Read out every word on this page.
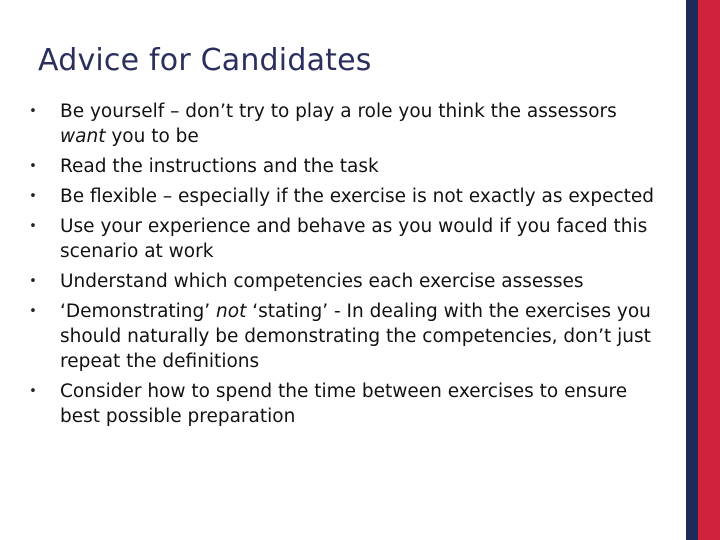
Advice for Candidates
• Be yourself – don’t try to play a role you think the assessors want you to be
• Read the instructions and the task
• Be flexible – especially if the exercise is not exactly as expected
• Use your experience and behave as you would if you faced this scenario at work
• Understand which competencies each exercise assesses
• ‘Demonstrating’ not ‘stating’ - In dealing with the exercises you should naturally be demonstrating the competencies, don’t just repeat the definitions
• Consider how to spend the time between exercises to ensure best possible preparation
